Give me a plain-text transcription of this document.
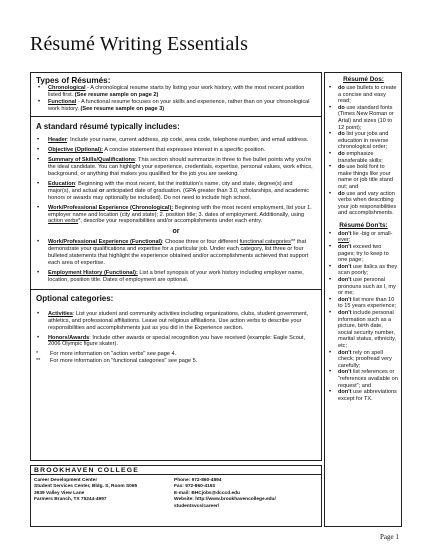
Résumé Writing Essentials
Types of Résumés:
• Chronological - A chronological resume starts by listing your work history, with the most recent position listed first. (See resume sample on page 2)
• Functional - A functional resume focuses on your skills and experience, rather than on your chronological work history. (See resume sample on page 3)
A standard résumé typically includes:
• Header: Include your name, current address, zip code, area code, telephone number, and email address.
• Objective (Optional): A concise statement that expresses interest in a specific position.
• Summary of Skills/Qualifications: This section should summarize in three to five bullet points why you're the ideal candidate. You can highlight your experience, credentials, expertise, personal values, work ethics, background, or anything that makes you qualified for the job you are seeking.
• Education: Beginning with the most recent, list the institution's name, city and state, degree(s) and major(s), and actual or anticipated date of graduation. (GPA greater than 3.0, scholarships, and academic honors or awards may optionally be included). Do not need to include high school.
• Work/Professional Experience (Chronological): Beginning with the most recent employment, list your 1. employer name and location (city and state); 2. position title; 3. dates of employment. Additionally, using action verbs*, describe your responsibilities and/or accomplishments under each entry.
or
• Work/Professional Experience (Functional): Choose three or four different functional categories** that demonstrate your qualifications and expertise for a particular job. Under each category, list three or four bulleted statements that highlight the experience obtained and/or accomplishments achieved that support each area of expertise.
• Employment History (Functional): List a brief synopsis of your work history including employer name, location, position title. Dates of employment are optional.
Optional categories:
• Activities: List your student and community activities including organizations, clubs, student government, athletics, and professional affiliations. Leave out religious affiliations. Use action verbs to describe your responsibilities and accomplishments just as you did in the Experience section.
• Honors/Awards: Include other awards or special recognition you have received (example: Eagle Scout, 2006 Olympic figure skater).
*	For more information on "action verbs" see page 4.
**	For more information on "functional categories" see page 5.
BROOKHAVEN COLLEGE
Career Development Center
Student Services Center, Bldg. S, Room S065
3939 Valley View Lane
Farmers Branch, TX 75244-4997
Phone: 972-860-4894
Fax: 972-860-4193
E-mail: BHCjobs@dcccd.edu
Website: http://www.brookhavencollege.edu/
studentsvcs/career/
Résumé Dos:
• do use bullets to create a concise and easy read;
• do use standard fonts (Times New Roman or Arial) and sizes (10 to 12 point);
• do list your jobs and education in reverse chronological order;
• do emphasize transferable skills;
• do use bold font to make things like your name or job title stand out; and
• do use and vary action verbs when describing your job responsibilities and accomplishments.
Résumé Don'ts:
• don't lie -big or small-ever;
• don't exceed two pages; try to keep to one page;
• don't use italics as they scan poorly;
• don't use personal pronouns such as I, my or me;
• don't list more than 10 to 15 years experience;
• don't include personal information such as a picture, birth date, social security number, marital status, ethnicity, etc;
• don't rely on spell check; proofread very carefully;
• don't list references or "references available on request"; and
• don't use abbreviations except for TX.
Page 1
